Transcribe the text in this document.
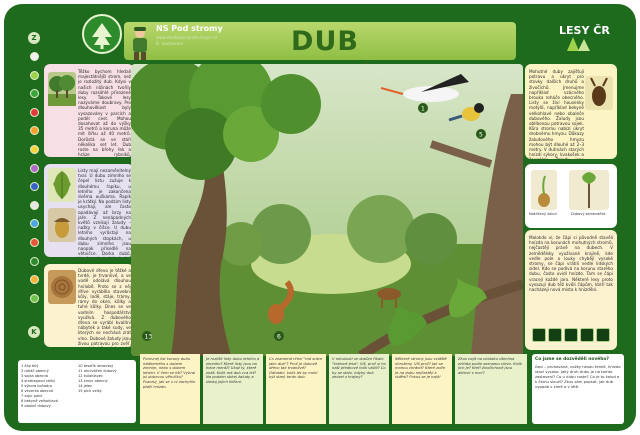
NS Pod stromy
www.stezkykonopiste.lesycr.cz
8. zastavení	DUB	LESY ČR
Z
K
Těžko bychom hledali majestátnější strom, než je rozložitý dub. Kdysi v našich nížinách tvořily duby rozsáhlé přirozené lesy. Takové lesy nazýváme doubravy. Pro dlouhověkost byly vysazovány v parcích a podél cest. Mohou dosahovat až do výšky 35 metrů a koruna může mít šířku až 40 metrů. Dorůstá se ve stáří několika set let. Dub roste na břehy řek a hráze rybníků.
Listy mají nezaměnitelný tvar. U dubu zimního se čepel listu zužuje k dlouhému řapíku, u letního je zakončena dvěma ouškama. Řapík je krátký. Na podzim listy usychají, ale často opadávají až brzy na jaře. Z nenápadných květů vznikají žaludy – nažky v číšce. U dubu letního vyrůstají na dlouhých stopkách, u dubu zimního jsou naopak přisedlé na větvičce. Dorka dubů,
Dubové dřevo je těžké a tvrdé, je trvanlivé, a ve vodě odolává dlouhou hnilobě. Proto se z něj dříve vyráběla stavební kůly, lodě, stáje, trámy, rámy do oken, kůlky a tuhé kůlky. Dnes se ve vodním hospodářství využívá. Z dubového dřeva se vyrábí kvalitní nábytek a také sudy, ve kterých se nechává zrát víno. Dubové žaludy jsou živou potravou pro zvěř,
13
1
5
6
Mohutné duby zajišťují potravu a úkryt pro stovky dalších druhů a živočichů. Jmenujme například vzácného brouka roháče obecného. Listy se živí housenky motýlů, například bekyně velkohlavé nebo obaleče dubového. Žaludy jsou oblíbenou potravou sojek. Kůra stromu nabízí úkryt drobnému hmyzu. Důkazy žaludového hmyzu mohou být dlouhé až 2–3 metry. V dutinách starých hnízdí sýkory, kvakošek a
Naklíčený žalud	Dubový semenáček
Malokdo ví, že čápi si původně stavěli hnízda na korunách mohutných stromů, nejčastěji právě na dubech. V zemědělsky využívané krajině, kde vedle pole a louky chybějí vysoké stromy, se čápi vrátili vedle lidských sídel. Kdo se podívá na korunu starého dubu, často uvidí hnízdo. Tam se čápi vracejí každé jaro. Některé lesy proto vysazují dub též kvůli čápům, kteří tak nacházejí nová místa k hnízdění.
1 čáp bílý
2 roháč obecný
3 sojka obecná
4 strakapoud velký
5 sýkora koňadra
6 veverka obecná
7 zajíc polní
8 bekyně velkohlavá
9 obaleč dubový
10 tesařík obrovský
11 ohniváček dubový
12 kulohlavec
13 srnec obecný
14 jelen
15 plch velký
Porovnej list koruny dubu nádherného s dubem zimním, nebo s dubem letním. V čem se liší? Vybral jsi dubovou větvičku? Pozoruj, jak se v ní zachytilo ptačí hnízdo.
Je rozlišit listy dubu letního a zimního? Které listy jsou na fotce menší? Ukaž ty, které znáš. Kolik má dub cca let? Na podzim sbírej žaludy a sleduj jejich klíčení.
Co znamená rčení "má srdce jako dub"? Proč je dubové dřevo tak trvanlivé? Odhadni, kolik let by mohl být starý tento dub.
V minulosti se dubům říkalo "králové lesa". Víš, proč si ho naši předkové tolik vážili? Co by se stalo, kdyby dub zmizel z krajiny?
Některé stromy jsou zvláště ohroženy. Víš proč? Jak se mohou chránit? Které zvíře je na dubu nejčastěji k vidění? Pokus se je najít!
Zkus najít na obrázku všechna zvířata podle seznamu vlevo. Kolik jich je? Kteří živočichové jsou aktivní v noci?
Co jsme se dozvěděli nového?
čapí – pruhovaná, nožky nesou tenké, hnízdo staví vysoko. Jaký druh dubu je na tomto zastavení? Co u dubu roste? Co je to žalud a k čemu slouží? Zkus sám popsat, jak dub vypadá v zimě a v létě.
